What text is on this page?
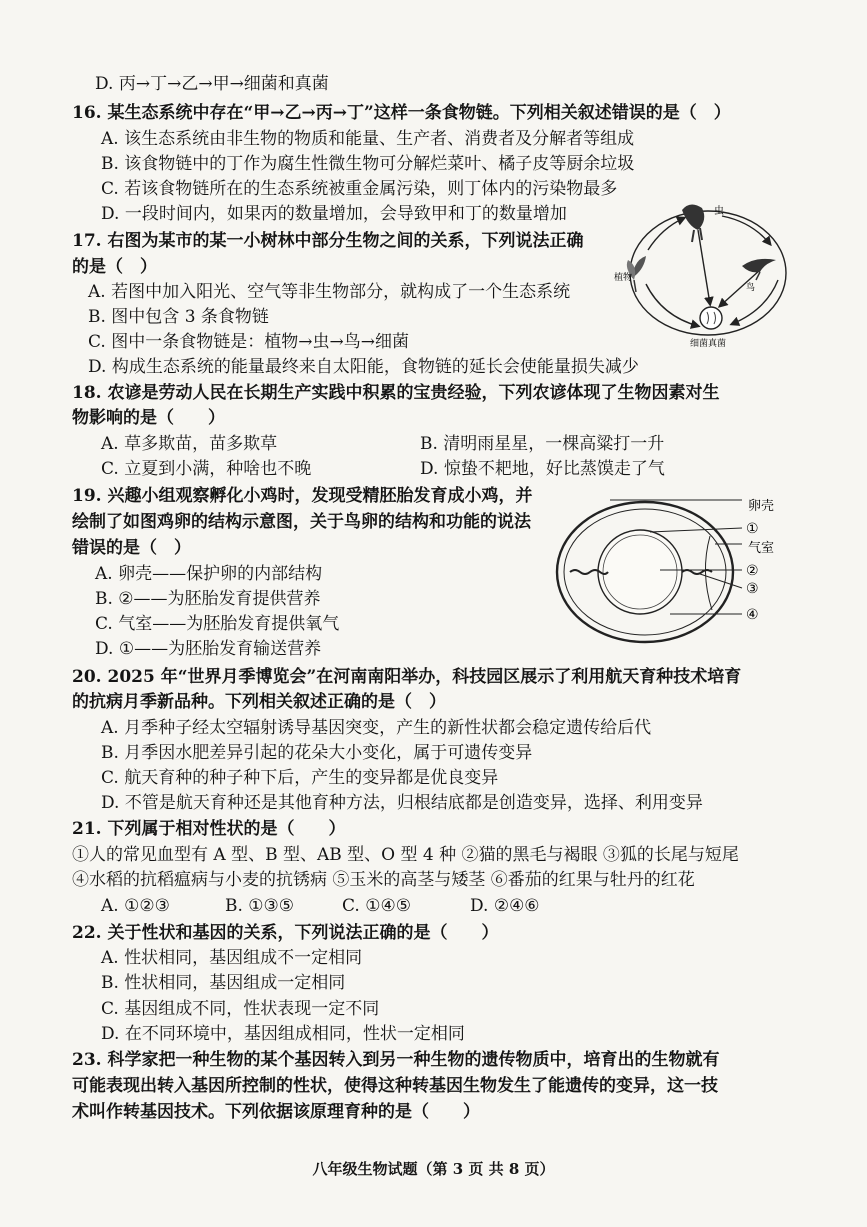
D. 丙→丁→乙→甲→细菌和真菌
16. 某生态系统中存在“甲→乙→丙→丁”这样一条食物链。下列相关叙述错误的是（　）
A. 该生态系统由非生物的物质和能量、生产者、消费者及分解者等组成
B. 该食物链中的丁作为腐生性微生物可分解烂菜叶、橘子皮等厨余垃圾
C. 若该食物链所在的生态系统被重金属污染，则丁体内的污染物最多
D. 一段时间内，如果丙的数量增加，会导致甲和丁的数量增加
17. 右图为某市的某一小树林中部分生物之间的关系，下列说法正确
的是（　）
A. 若图中加入阳光、空气等非生物部分，就构成了一个生态系统
B. 图中包含 3 条食物链
C. 图中一条食物链是：植物→虫→鸟→细菌
D. 构成生态系统的能量最终来自太阳能，食物链的延长会使能量损失减少
虫
植物
鸟
细菌真菌
18. 农谚是劳动人民在长期生产实践中积累的宝贵经验，下列农谚体现了生物因素对生
物影响的是（　　）
A. 草多欺苗，苗多欺草	B. 清明雨星星，一棵高粱打一升
C. 立夏到小满，种啥也不晚	D. 惊蛰不耙地，好比蒸馍走了气
19. 兴趣小组观察孵化小鸡时，发现受精胚胎发育成小鸡，并
绘制了如图鸡卵的结构示意图，关于鸟卵的结构和功能的说法
错误的是（　）
A. 卵壳——保护卵的内部结构
B. ②——为胚胎发育提供营养
C. 气室——为胚胎发育提供氧气
D. ①——为胚胎发育输送营养
卵壳
①
气室
②
③
④
20. 2025 年“世界月季博览会”在河南南阳举办，科技园区展示了利用航天育种技术培育
的抗病月季新品种。下列相关叙述正确的是（　）
A. 月季种子经太空辐射诱导基因突变，产生的新性状都会稳定遗传给后代
B. 月季因水肥差异引起的花朵大小变化，属于可遗传变异
C. 航天育种的种子种下后，产生的变异都是优良变异
D. 不管是航天育种还是其他育种方法，归根结底都是创造变异，选择、利用变异
21. 下列属于相对性状的是（　　）
①人的常见血型有 A 型、B 型、AB 型、O 型 4 种 ②猫的黑毛与褐眼 ③狐的长尾与短尾
④水稻的抗稻瘟病与小麦的抗锈病 ⑤玉米的高茎与矮茎 ⑥番茄的红果与牡丹的红花
A. ①②③	B. ①③⑤	C. ①④⑤	D. ②④⑥
22. 关于性状和基因的关系，下列说法正确的是（　　）
A. 性状相同，基因组成不一定相同
B. 性状相同，基因组成一定相同
C. 基因组成不同，性状表现一定不同
D. 在不同环境中，基因组成相同，性状一定相同
23. 科学家把一种生物的某个基因转入到另一种生物的遗传物质中，培育出的生物就有
可能表现出转入基因所控制的性状，使得这种转基因生物发生了能遗传的变异，这一技
术叫作转基因技术。下列依据该原理育种的是（　　）
八年级生物试题（第 3 页 共 8 页）
